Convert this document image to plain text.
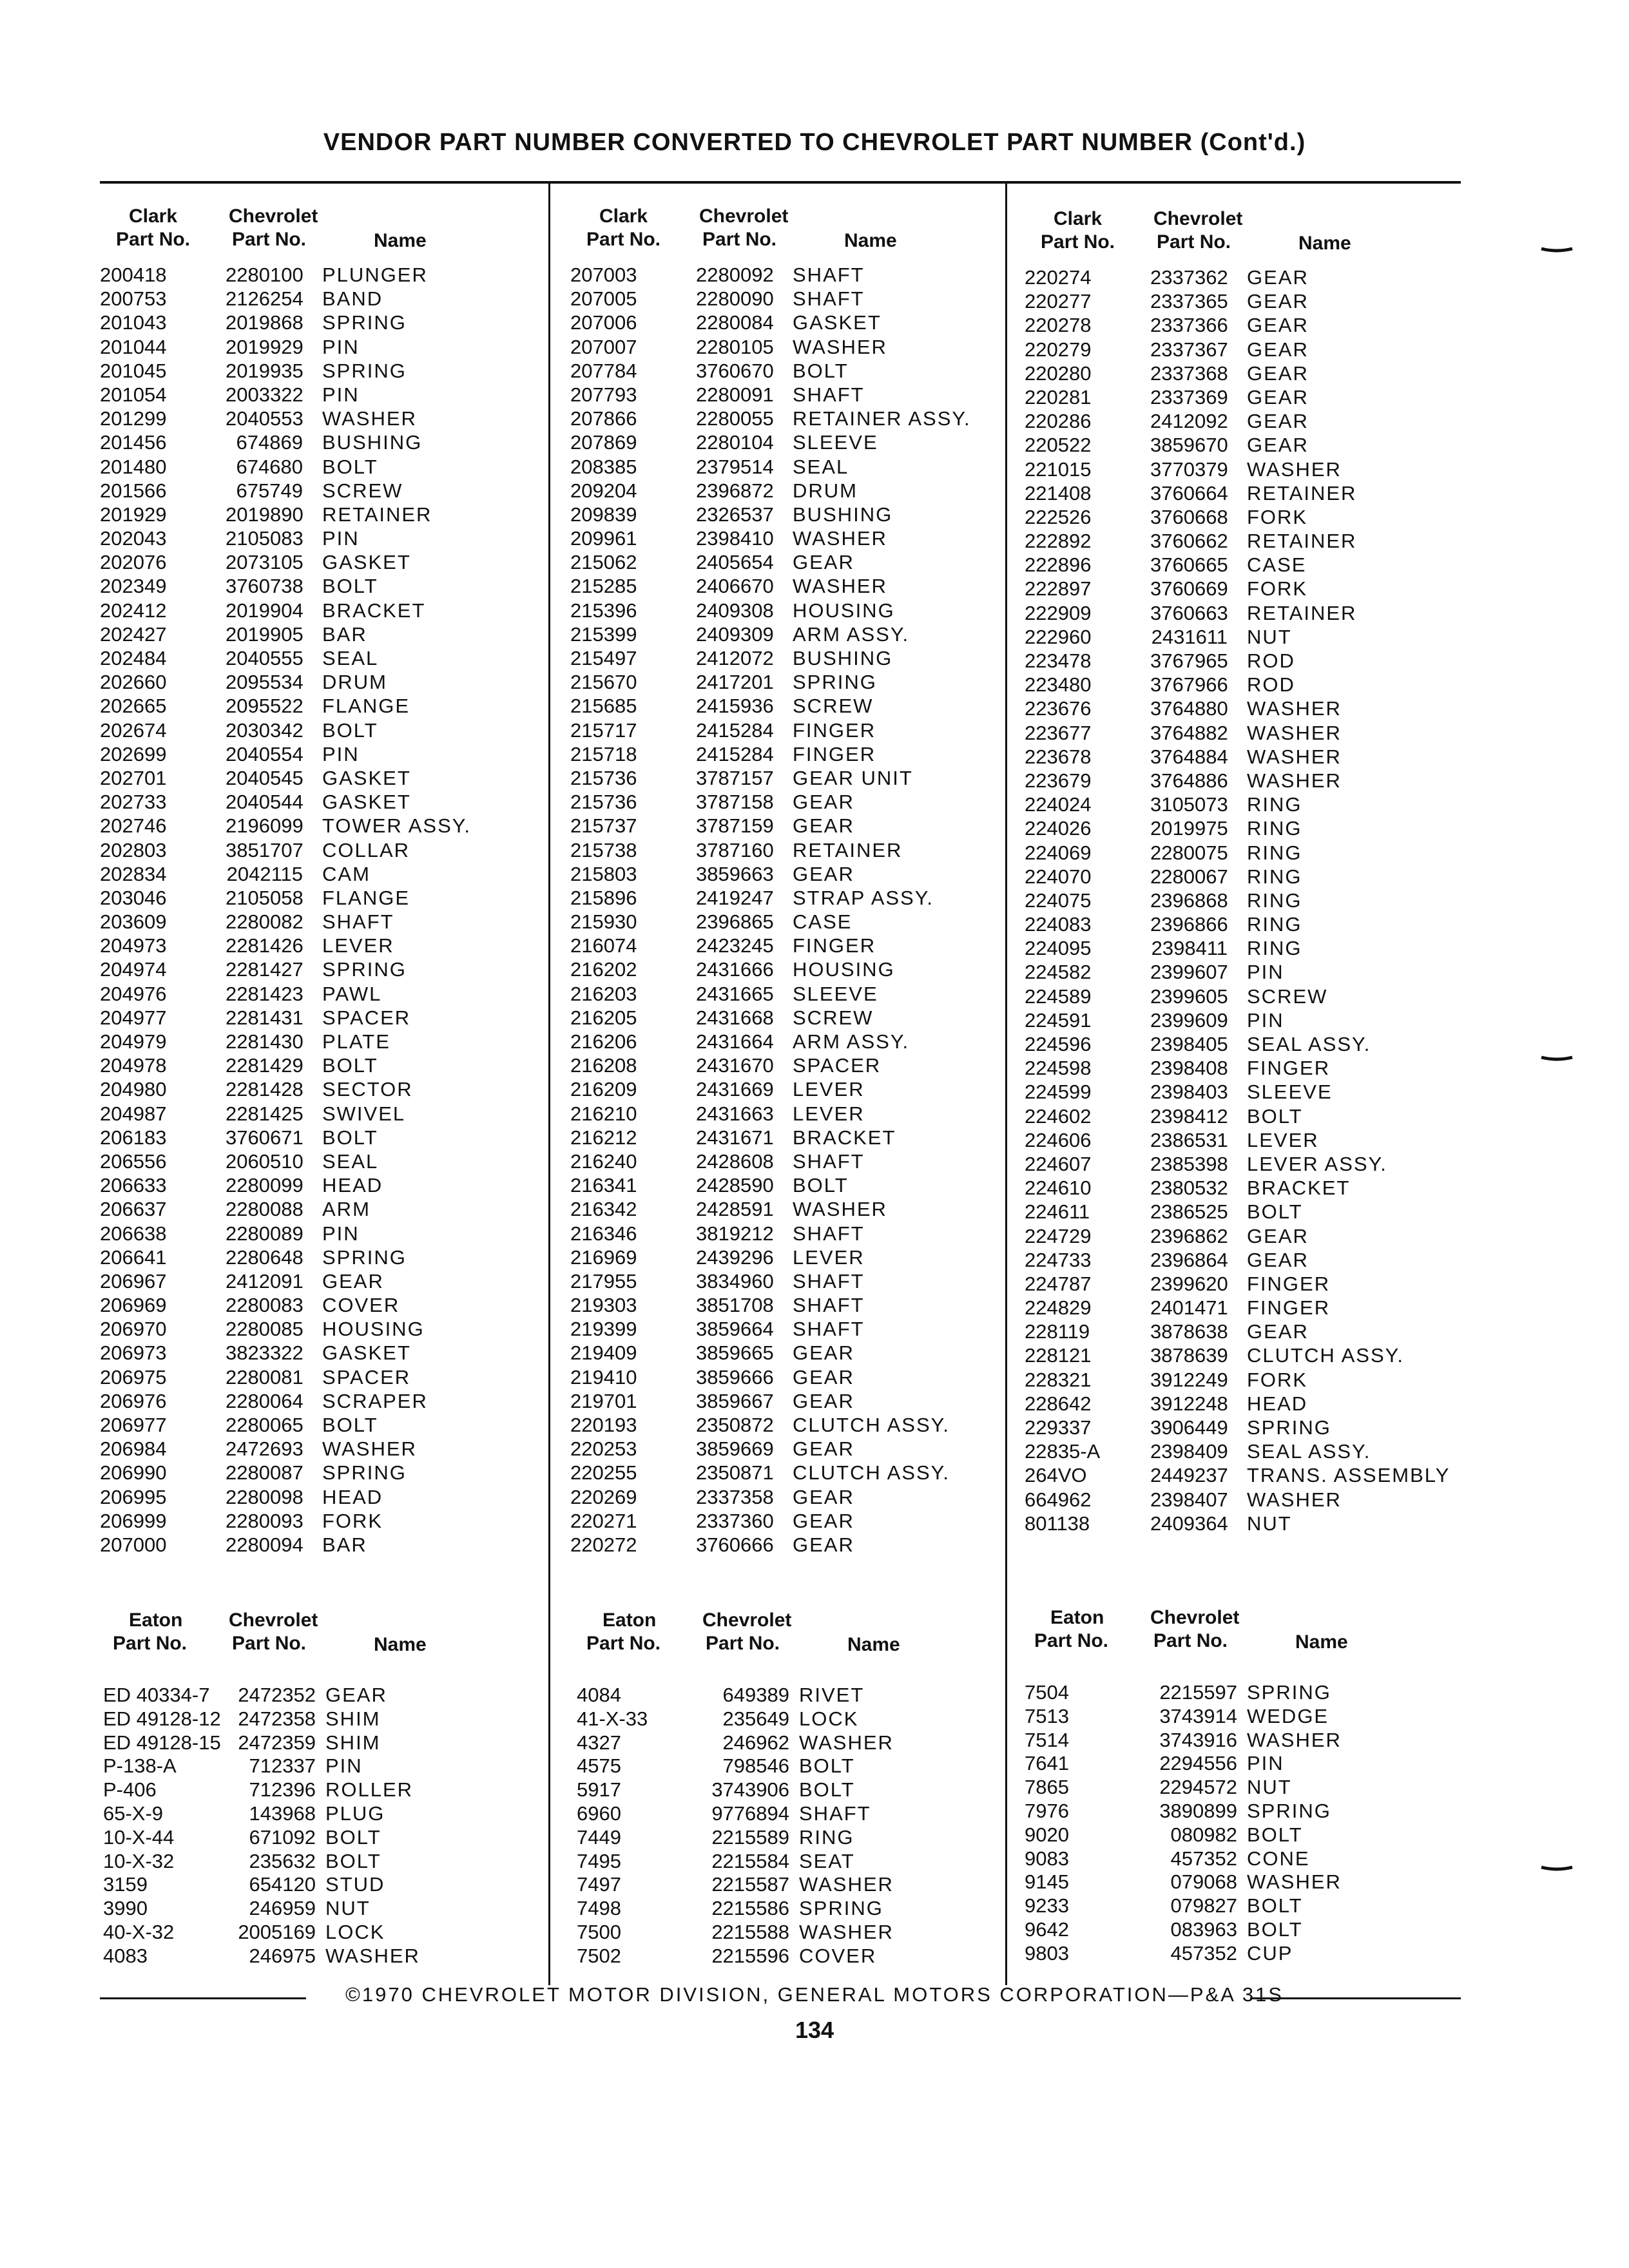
VENDOR PART NUMBER CONVERTED TO CHEVROLET PART NUMBER (Cont'd.)
Clark
Part No.
Chevrolet
Part No.	Name
200418	2280100 PLUNGER
200753	2126254 BAND
201043	2019868 SPRING
201044	2019929 PIN
201045	2019935 SPRING
201054	2003322 PIN
201299	2040553 WASHER
201456	674869 BUSHING
201480	674680 BOLT
201566	675749 SCREW
201929	2019890 RETAINER
202043	2105083 PIN
202076	2073105 GASKET
202349	3760738 BOLT
202412	2019904 BRACKET
202427	2019905 BAR
202484	2040555 SEAL
202660	2095534 DRUM
202665	2095522 FLANGE
202674	2030342 BOLT
202699	2040554 PIN
202701	2040545 GASKET
202733	2040544 GASKET
202746	2196099 TOWER ASSY.
202803	3851707 COLLAR
202834	2042115 CAM
203046	2105058 FLANGE
203609	2280082 SHAFT
204973	2281426 LEVER
204974	2281427 SPRING
204976	2281423 PAWL
204977	2281431 SPACER
204979	2281430 PLATE
204978	2281429 BOLT
204980	2281428 SECTOR
204987	2281425 SWIVEL
206183	3760671 BOLT
206556	2060510 SEAL
206633	2280099 HEAD
206637	2280088 ARM
206638	2280089 PIN
206641	2280648 SPRING
206967	2412091 GEAR
206969	2280083 COVER
206970	2280085 HOUSING
206973	3823322 GASKET
206975	2280081 SPACER
206976	2280064 SCRAPER
206977	2280065 BOLT
206984	2472693 WASHER
206990	2280087 SPRING
206995	2280098 HEAD
206999	2280093 FORK
207000	2280094 BAR
Clark
Part No.
Chevrolet
Part No.	Name
207003	2280092 SHAFT
207005	2280090 SHAFT
207006	2280084 GASKET
207007	2280105 WASHER
207784	3760670 BOLT
207793	2280091 SHAFT
207866	2280055 RETAINER ASSY.
207869	2280104 SLEEVE
208385	2379514 SEAL
209204	2396872 DRUM
209839	2326537 BUSHING
209961	2398410 WASHER
215062	2405654 GEAR
215285	2406670 WASHER
215396	2409308 HOUSING
215399	2409309 ARM ASSY.
215497	2412072 BUSHING
215670	2417201 SPRING
215685	2415936 SCREW
215717	2415284 FINGER
215718	2415284 FINGER
215736	3787157 GEAR UNIT
215736	3787158 GEAR
215737	3787159 GEAR
215738	3787160 RETAINER
215803	3859663 GEAR
215896	2419247 STRAP ASSY.
215930	2396865 CASE
216074	2423245 FINGER
216202	2431666 HOUSING
216203	2431665 SLEEVE
216205	2431668 SCREW
216206	2431664 ARM ASSY.
216208	2431670 SPACER
216209	2431669 LEVER
216210	2431663 LEVER
216212	2431671 BRACKET
216240	2428608 SHAFT
216341	2428590 BOLT
216342	2428591 WASHER
216346	3819212 SHAFT
216969	2439296 LEVER
217955	3834960 SHAFT
219303	3851708 SHAFT
219399	3859664 SHAFT
219409	3859665 GEAR
219410	3859666 GEAR
219701	3859667 GEAR
220193	2350872 CLUTCH ASSY.
220253	3859669 GEAR
220255	2350871 CLUTCH ASSY.
220269	2337358 GEAR
220271	2337360 GEAR
220272	3760666 GEAR
Clark
Part No.
Chevrolet
Part No.	Name
220274	2337362 GEAR
220277	2337365 GEAR
220278	2337366 GEAR
220279	2337367 GEAR
220280	2337368 GEAR
220281	2337369 GEAR
220286	2412092 GEAR
220522	3859670 GEAR
221015	3770379 WASHER
221408	3760664 RETAINER
222526	3760668 FORK
222892	3760662 RETAINER
222896	3760665 CASE
222897	3760669 FORK
222909	3760663 RETAINER
222960	2431611 NUT
223478	3767965 ROD
223480	3767966 ROD
223676	3764880 WASHER
223677	3764882 WASHER
223678	3764884 WASHER
223679	3764886 WASHER
224024	3105073 RING
224026	2019975 RING
224069	2280075 RING
224070	2280067 RING
224075	2396868 RING
224083	2396866 RING
224095	2398411 RING
224582	2399607 PIN
224589	2399605 SCREW
224591	2399609 PIN
224596	2398405 SEAL ASSY.
224598	2398408 FINGER
224599	2398403 SLEEVE
224602	2398412 BOLT
224606	2386531 LEVER
224607	2385398 LEVER ASSY.
224610	2380532 BRACKET
224611	2386525 BOLT
224729	2396862 GEAR
224733	2396864 GEAR
224787	2399620 FINGER
224829	2401471 FINGER
228119	3878638 GEAR
228121	3878639 CLUTCH ASSY.
228321	3912249 FORK
228642	3912248 HEAD
229337	3906449 SPRING
22835-A	2398409 SEAL ASSY.
264VO	2449237 TRANS. ASSEMBLY
664962	2398407 WASHER
801138	2409364 NUT
Eaton
Part No.
Chevrolet
Part No.	Name
ED 40334-7	2472352 GEAR
ED 49128-12 2472358 SHIM
ED 49128-15 2472359 SHIM
P-138-A	712337 PIN
P-406	712396 ROLLER
65-X-9	143968 PLUG
10-X-44	671092 BOLT
10-X-32	235632 BOLT
3159	654120 STUD
3990	246959 NUT
40-X-32	2005169 LOCK
4083	246975 WASHER
Eaton
Part No.
Chevrolet
Part No.	Name
4084	649389 RIVET
41-X-33	235649 LOCK
4327	246962 WASHER
4575	798546 BOLT
5917	3743906 BOLT
6960	9776894 SHAFT
7449	2215589 RING
7495	2215584 SEAT
7497	2215587 WASHER
7498	2215586 SPRING
7500	2215588 WASHER
7502	2215596 COVER
Eaton
Part No.
Chevrolet
Part No.	Name
7504	2215597 SPRING
7513	3743914 WEDGE
7514	3743916 WASHER
7641	2294556 PIN
7865	2294572 NUT
7976	3890899 SPRING
9020	080982 BOLT
9083	457352 CONE
9145	079068 WASHER
9233	079827 BOLT
9642	083963 BOLT
9803	457352 CUP
©1970 CHEVROLET MOTOR DIVISION, GENERAL MOTORS CORPORATION—P&A 31S
134
